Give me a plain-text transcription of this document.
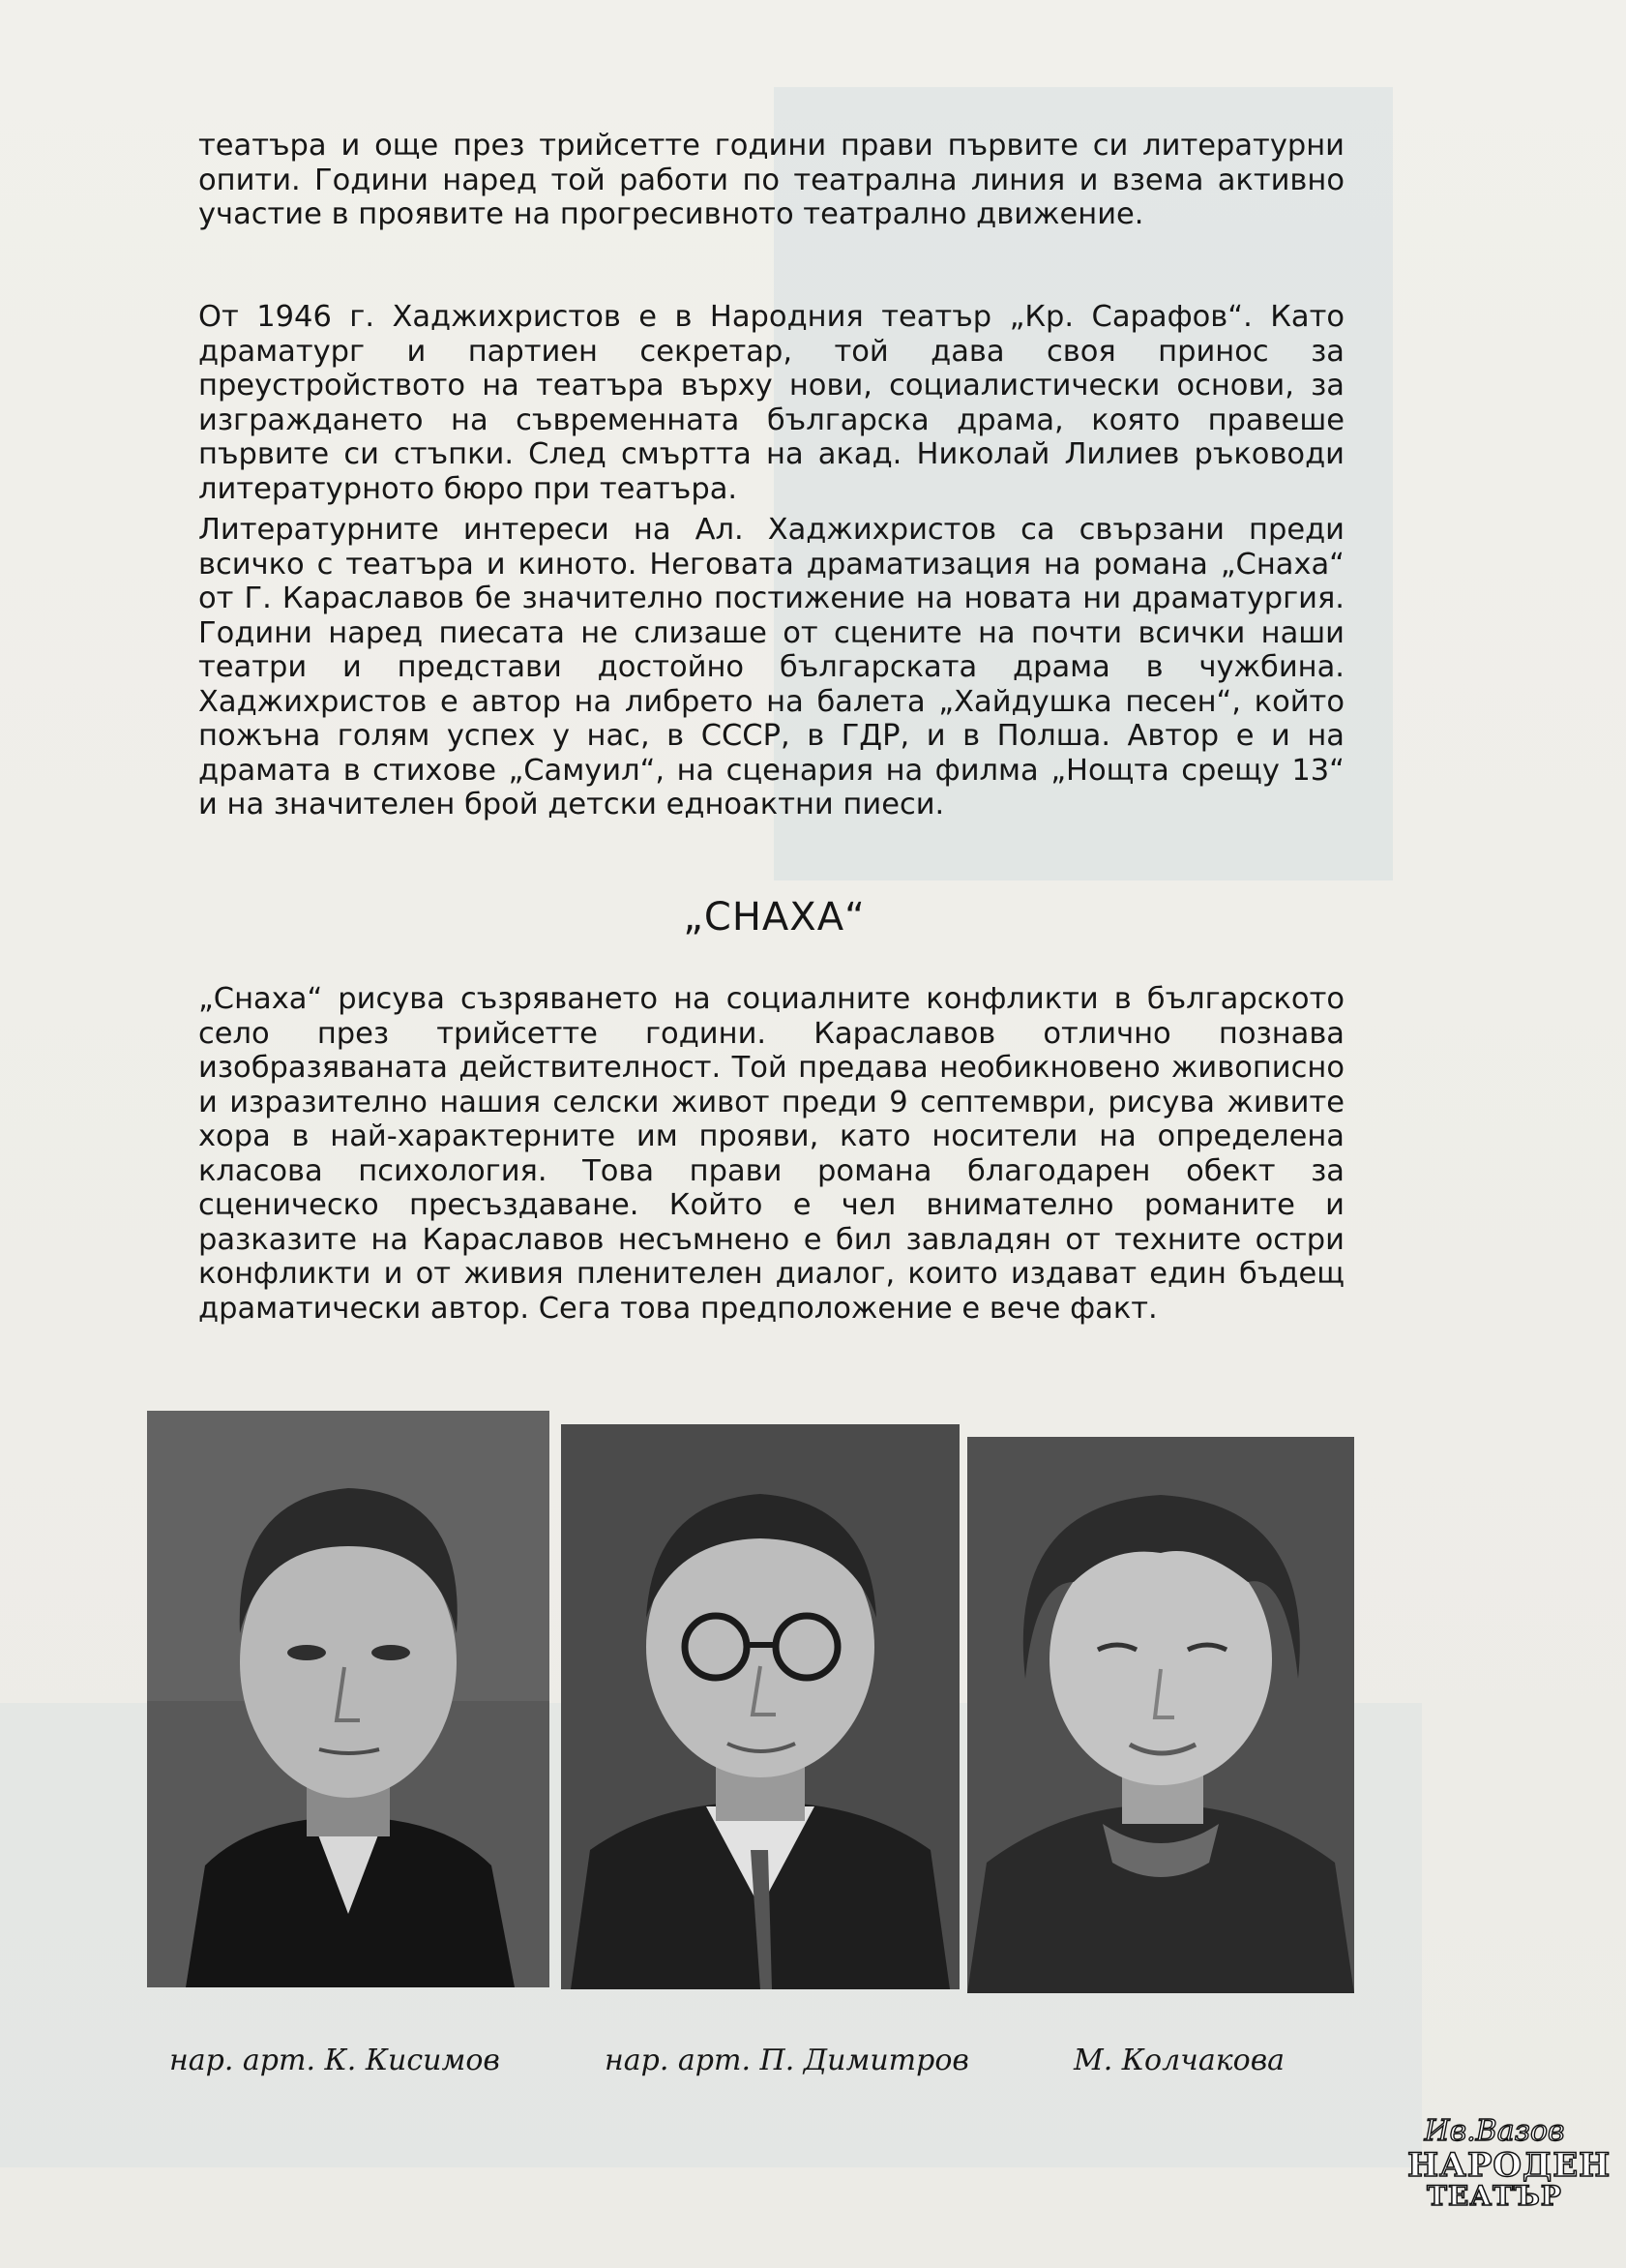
театъра и още през трийсетте години прави първите си литературни опити. Години наред той работи по театрална линия и взема активно участие в проявите на прогресивното театрално движение.

От 1946 г. Хаджихристов е в Народния театър „Кр. Сарафов“. Като драматург и партиен секретар, той дава своя принос за преустройството на театъра върху нови, социалистически основи, за изграждането на съвременната българска драма, която правеше първите си стъпки. След смъртта на акад. Николай Лилиев ръководи литературното бюро при театъра.

Литературните интереси на Ал. Хаджихристов са свързани преди всичко с театъра и киното. Неговата драматизация на романа „Снаха“ от Г. Караславов бе значително постижение на новата ни драматургия. Години наред пиесата не слизаше от сцените на почти всички наши театри и представи достойно българската драма в чужбина. Хаджихристов е автор на либрето на балета „Хайдушка песен“, който пожъна голям успех у нас, в СССР, в ГДР, и в Полша. Автор е и на драмата в стихове „Самуил“, на сценария на филма „Нощта срещу 13“ и на значителен брой детски едноактни пиеси.

„СНАХА“

„Снаха“ рисува съзряването на социалните конфликти в българското село през трийсетте години. Караславов отлично познава изобразяваната действителност. Той предава необикновено живописно и изразително нашия селски живот преди 9 септември, рисува живите хора в най-характерните им прояви, като носители на определена класова психология. Това прави романа благодарен обект за сценическо пресъздаване. Който е чел внимателно романите и разказите на Караславов несъмнено е бил завладян от техните остри конфликти и от живия пленителен диалог, които издават един бъдещ драматически автор. Сега това предположение е вече факт.

нар. арт. К. Кисимов	нар. арт. П. Димитров	М. Колчакова
Ив.Вазов
НАРОДЕН
ТЕАТЪР
